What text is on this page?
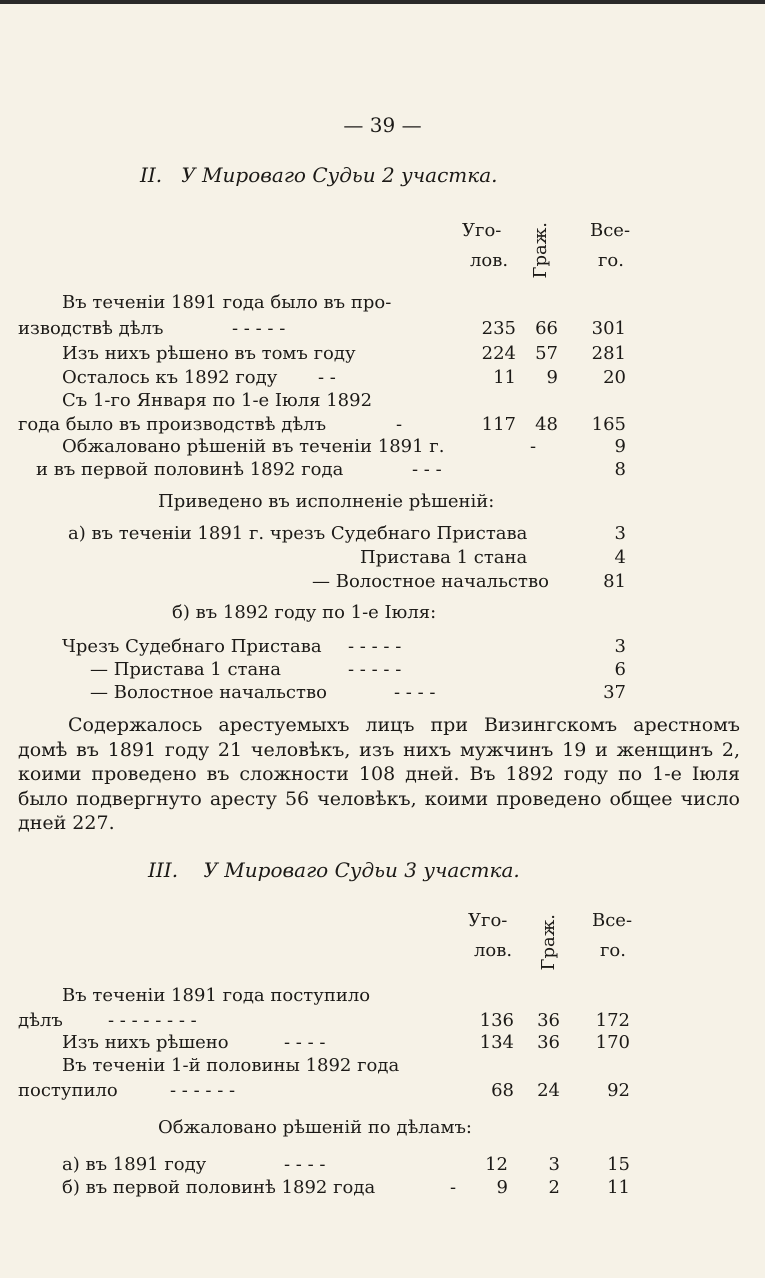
— 39 —
II. У Мировагo Судьи 2 участка.
Уго-
лов. Граж. Все-
го.
Въ теченіи 1891 года было въ про-
изводствѣ дѣлъ	- - - - -	235	66	301
Изъ нихъ рѣшено въ томъ году	224	57	281
Осталось къ 1892 году - -	11	9	20
Съ 1-го Января по 1-е Іюля 1892
года было въ производствѣ дѣлъ	-	117	48	165
Обжаловано рѣшеній въ теченіи 1891 г.	-	9
и въ первой половинѣ 1892 года	- - -	8
Приведено въ исполненіе рѣшеній:
а) въ теченіи 1891 г. чрезъ Судебнаго Пристава	3
Пристава 1 стана	4
— Волостное начальство	81
б) въ 1892 году по 1-е Іюля:
Чрезъ Судебнаго Пристава - - - - -	3
— Пристава 1 стана	- - - - -	6
— Волостное начальство	- - - -	37
Содержалось арестуемыхъ лицъ при Визингскомъ арестномъ домѣ въ 1891 году 21 человѣкъ, изъ нихъ мужчинъ 19 и женщинъ 2, коими проведено въ сложности 108 дней. Въ 1892 году по 1-е Іюля было подвергнуто аресту 56 человѣкъ, коими проведено общее число дней 227.
III. У Мировагo Судьи 3 участка.
Уго-
лов. Граж. Все-
го.
Въ теченіи 1891 года поступило
дѣлъ	- - - - - - - -	136	36	172
Изъ нихъ рѣшено	- - - -	134	36	170
Въ теченіи 1-й половины 1892 года
поступило	- - - - - -	68	24	92
Обжаловано рѣшеній по дѣламъ:
а) въ 1891 году	- - - -	12	3	15
б) въ первой половинѣ 1892 года	-	9	2	11
